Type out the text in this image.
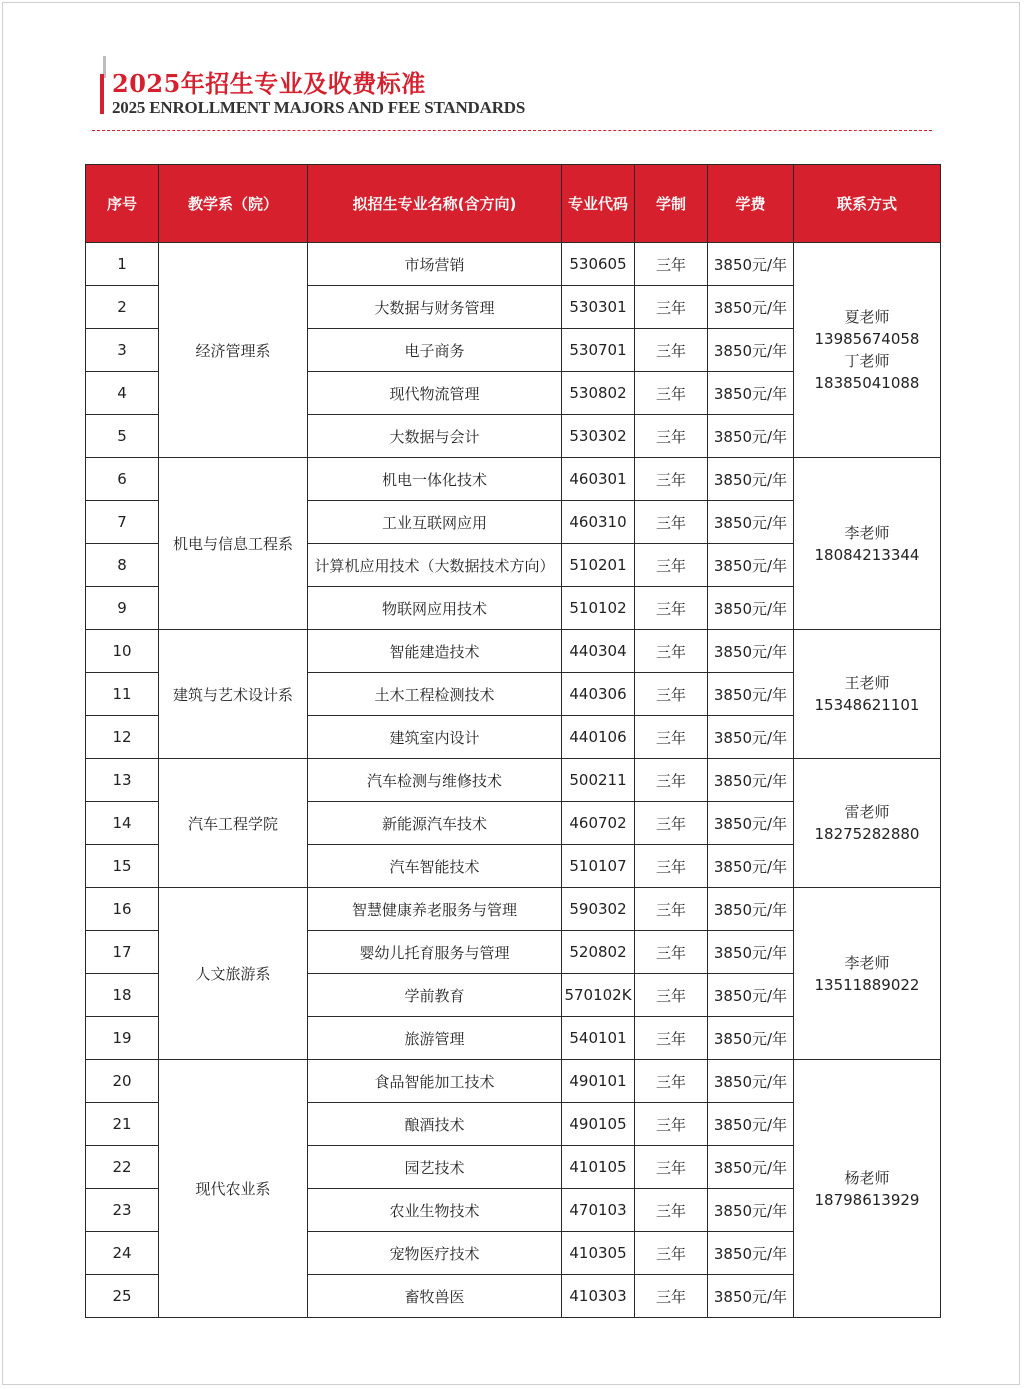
2025年招生专业及收费标准
2025 ENROLLMENT MAJORS AND FEE STANDARDS
序号	教学系（院）	拟招生专业名称(含方向)	专业代码	学制	学费	联系方式
1	经济管理系	市场营销	530605	三年	3850元/年	夏老师
13985674058
丁老师
18385041088

2		大数据与财务管理	530301	三年	3850元/年	
3		电子商务	530701	三年	3850元/年	
4		现代物流管理	530802	三年	3850元/年	
5		大数据与会计	530302	三年	3850元/年	
6	机电与信息工程系	机电一体化技术	460301	三年	3850元/年	李老师
18084213344

7		工业互联网应用	460310	三年	3850元/年	
8		计算机应用技术（大数据技术方向）	510201	三年	3850元/年	
9		物联网应用技术	510102	三年	3850元/年	
10	建筑与艺术设计系	智能建造技术	440304	三年	3850元/年	王老师
15348621101

11		土木工程检测技术	440306	三年	3850元/年	
12		建筑室内设计	440106	三年	3850元/年	
13	汽车工程学院	汽车检测与维修技术	500211	三年	3850元/年	雷老师
18275282880

14		新能源汽车技术	460702	三年	3850元/年	
15		汽车智能技术	510107	三年	3850元/年	
16	人文旅游系	智慧健康养老服务与管理	590302	三年	3850元/年	李老师
13511889022

17		婴幼儿托育服务与管理	520802	三年	3850元/年	
18		学前教育	570102K	三年	3850元/年	
19		旅游管理	540101	三年	3850元/年	
20	现代农业系	食品智能加工技术	490101	三年	3850元/年	杨老师
18798613929

21		酿酒技术	490105	三年	3850元/年	
22		园艺技术	410105	三年	3850元/年	
23		农业生物技术	470103	三年	3850元/年	
24		宠物医疗技术	410305	三年	3850元/年	
25		畜牧兽医	410303	三年	3850元/年	
